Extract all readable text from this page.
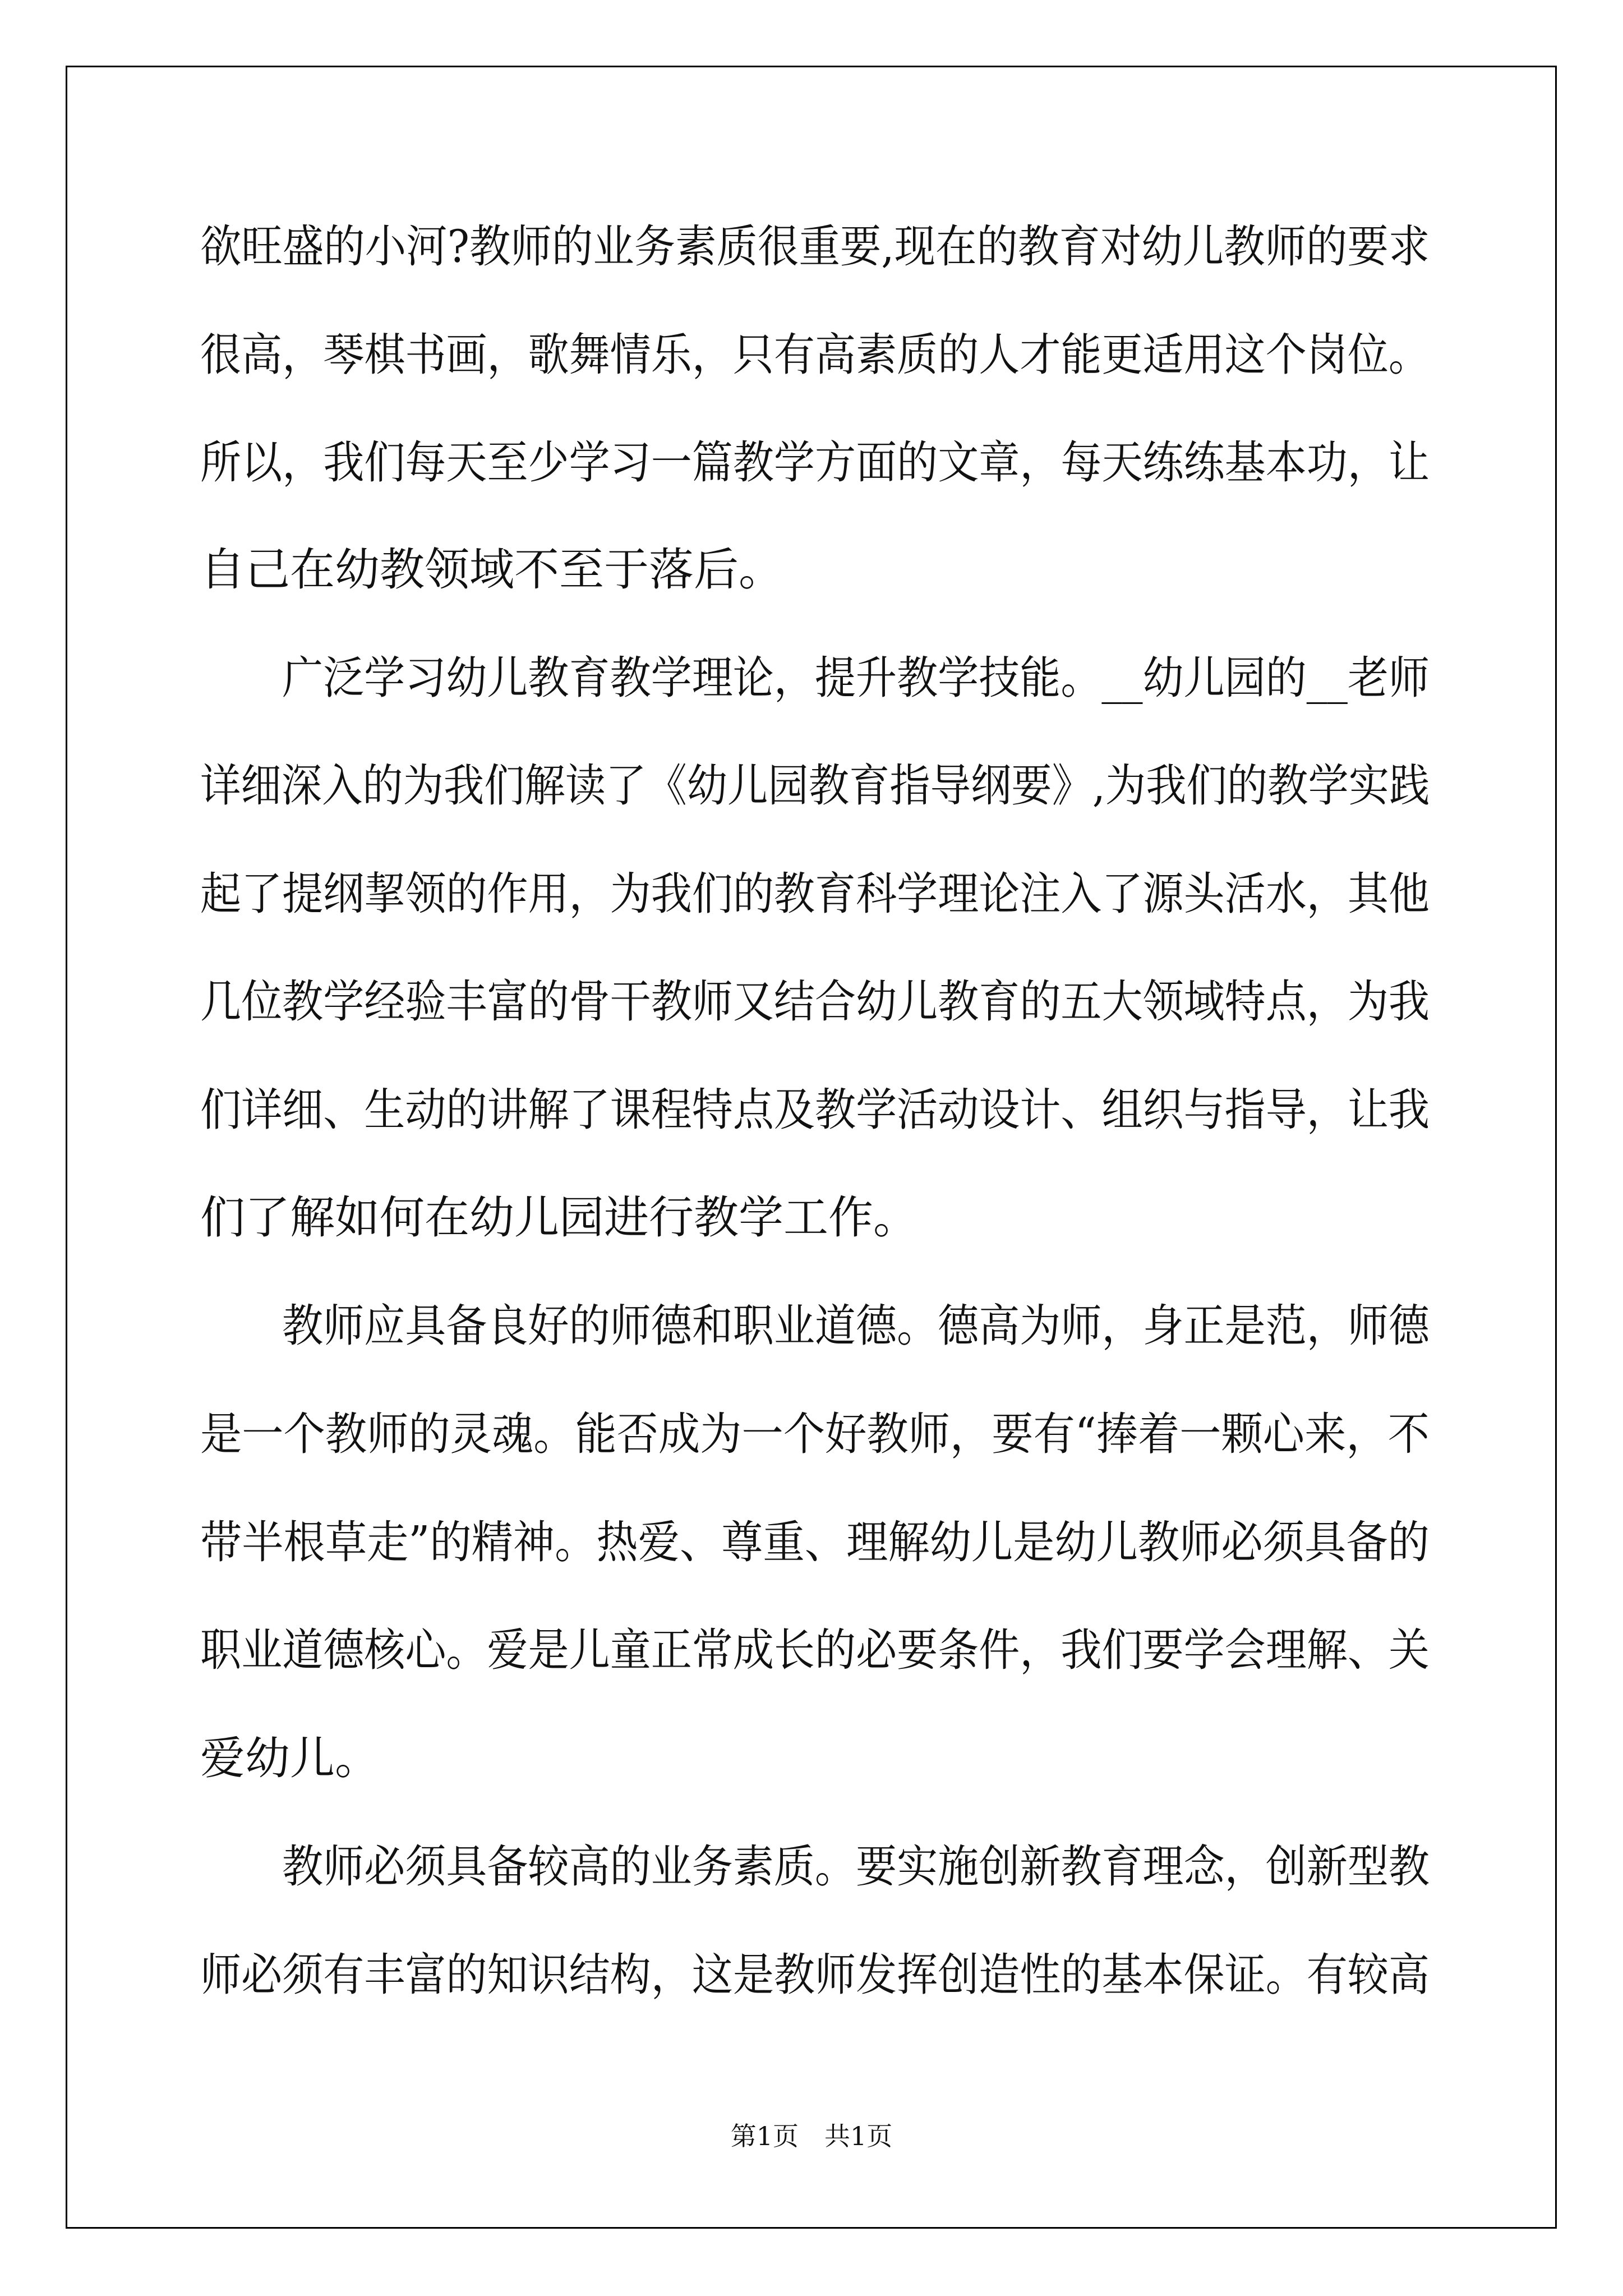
欲旺盛的小河?教师的业务素质很重要,现在的教育对幼儿教师的要求

很高，琴棋书画，歌舞情乐，只有高素质的人才能更适用这个岗位。

所以，我们每天至少学习一篇教学方面的文章，每天练练基本功，让

自己在幼教领域不至于落后。

广泛学习幼儿教育教学理论，提升教学技能。__幼儿园的__老师

详细深入的为我们解读了《幼儿园教育指导纲要》,为我们的教学实践

起了提纲挈领的作用，为我们的教育科学理论注入了源头活水，其他

几位教学经验丰富的骨干教师又结合幼儿教育的五大领域特点，为我

们详细、生动的讲解了课程特点及教学活动设计、组织与指导，让我

们了解如何在幼儿园进行教学工作。

教师应具备良好的师德和职业道德。德高为师，身正是范，师德

是一个教师的灵魂。能否成为一个好教师，要有“捧着一颗心来，不

带半根草走”的精神。热爱、尊重、理解幼儿是幼儿教师必须具备的

职业道德核心。爱是儿童正常成长的必要条件，我们要学会理解、关

爱幼儿。

教师必须具备较高的业务素质。要实施创新教育理念，创新型教

师必须有丰富的知识结构，这是教师发挥创造性的基本保证。有较高

第1页　共1页
